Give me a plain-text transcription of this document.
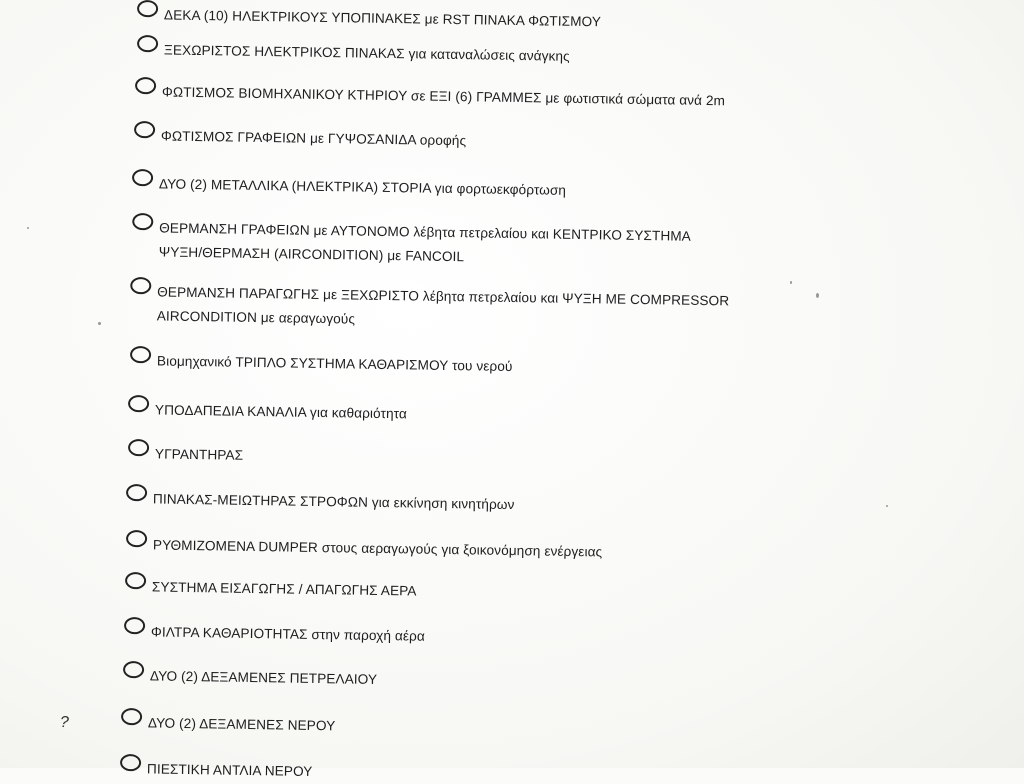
ΔΕΚΑ (10) ΗΛΕΚΤΡΙΚΟΥΣ ΥΠΟΠΙΝΑΚΕΣ με RST ΠΙΝΑΚΑ ΦΩΤΙΣΜΟΥ
ΞΕΧΩΡΙΣΤΟΣ ΗΛΕΚΤΡΙΚΟΣ ΠΙΝΑΚΑΣ για καταναλώσεις ανάγκης
ΦΩΤΙΣΜΟΣ ΒΙΟΜΗΧΑΝΙΚΟΥ ΚΤΗΡΙΟΥ σε ΕΞΙ (6) ΓΡΑΜΜΕΣ με φωτιστικά σώματα ανά 2m
ΦΩΤΙΣΜΟΣ ΓΡΑΦΕΙΩΝ με ΓΥΨΟΣΑΝΙΔΑ οροφής
ΔΥΟ (2) ΜΕΤΑΛΛΙΚΑ (ΗΛΕΚΤΡΙΚΑ) ΣΤΟΡΙΑ για φορτωεκφόρτωση
ΘΕΡΜΑΝΣΗ ΓΡΑΦΕΙΩΝ με ΑΥΤΟΝΟΜΟ λέβητα πετρελαίου και ΚΕΝΤΡΙΚΟ ΣΥΣΤΗΜΑ
ΨΥΞΗ/ΘΕΡΜΑΣΗ (AIRCONDITION) με FANCOIL
ΘΕΡΜΑΝΣΗ ΠΑΡΑΓΩΓΗΣ με ΞΕΧΩΡΙΣΤΟ λέβητα πετρελαίου και ΨΥΞΗ ΜΕ COMPRESSOR
AIRCONDITION με αεραγωγούς
Βιομηχανικό ΤΡΙΠΛΟ ΣΥΣΤΗΜΑ ΚΑΘΑΡΙΣΜΟΥ του νερού
ΥΠΟΔΑΠΕΔΙΑ ΚΑΝΑΛΙΑ για καθαριότητα
ΥΓΡΑΝΤΗΡΑΣ
ΠΙΝΑΚΑΣ-ΜΕΙΩΤΗΡΑΣ ΣΤΡΟΦΩΝ για εκκίνηση κινητήρων
ΡΥΘΜΙΖΟΜΕΝΑ DUMPER στους αεραγωγούς για ξοικονόμηση ενέργειας
ΣΥΣΤΗΜΑ ΕΙΣΑΓΩΓΗΣ / ΑΠΑΓΩΓΗΣ ΑΕΡΑ
ΦΙΛΤΡΑ ΚΑΘΑΡΙΟΤΗΤΑΣ στην παροχή αέρα
ΔΥΟ (2) ΔΕΞΑΜΕΝΕΣ ΠΕΤΡΕΛΑΙΟΥ
ΔΥΟ (2) ΔΕΞΑΜΕΝΕΣ ΝΕΡΟΥ
ΠΙΕΣΤΙΚΗ ΑΝΤΛΙΑ ΝΕΡΟΥ
?
